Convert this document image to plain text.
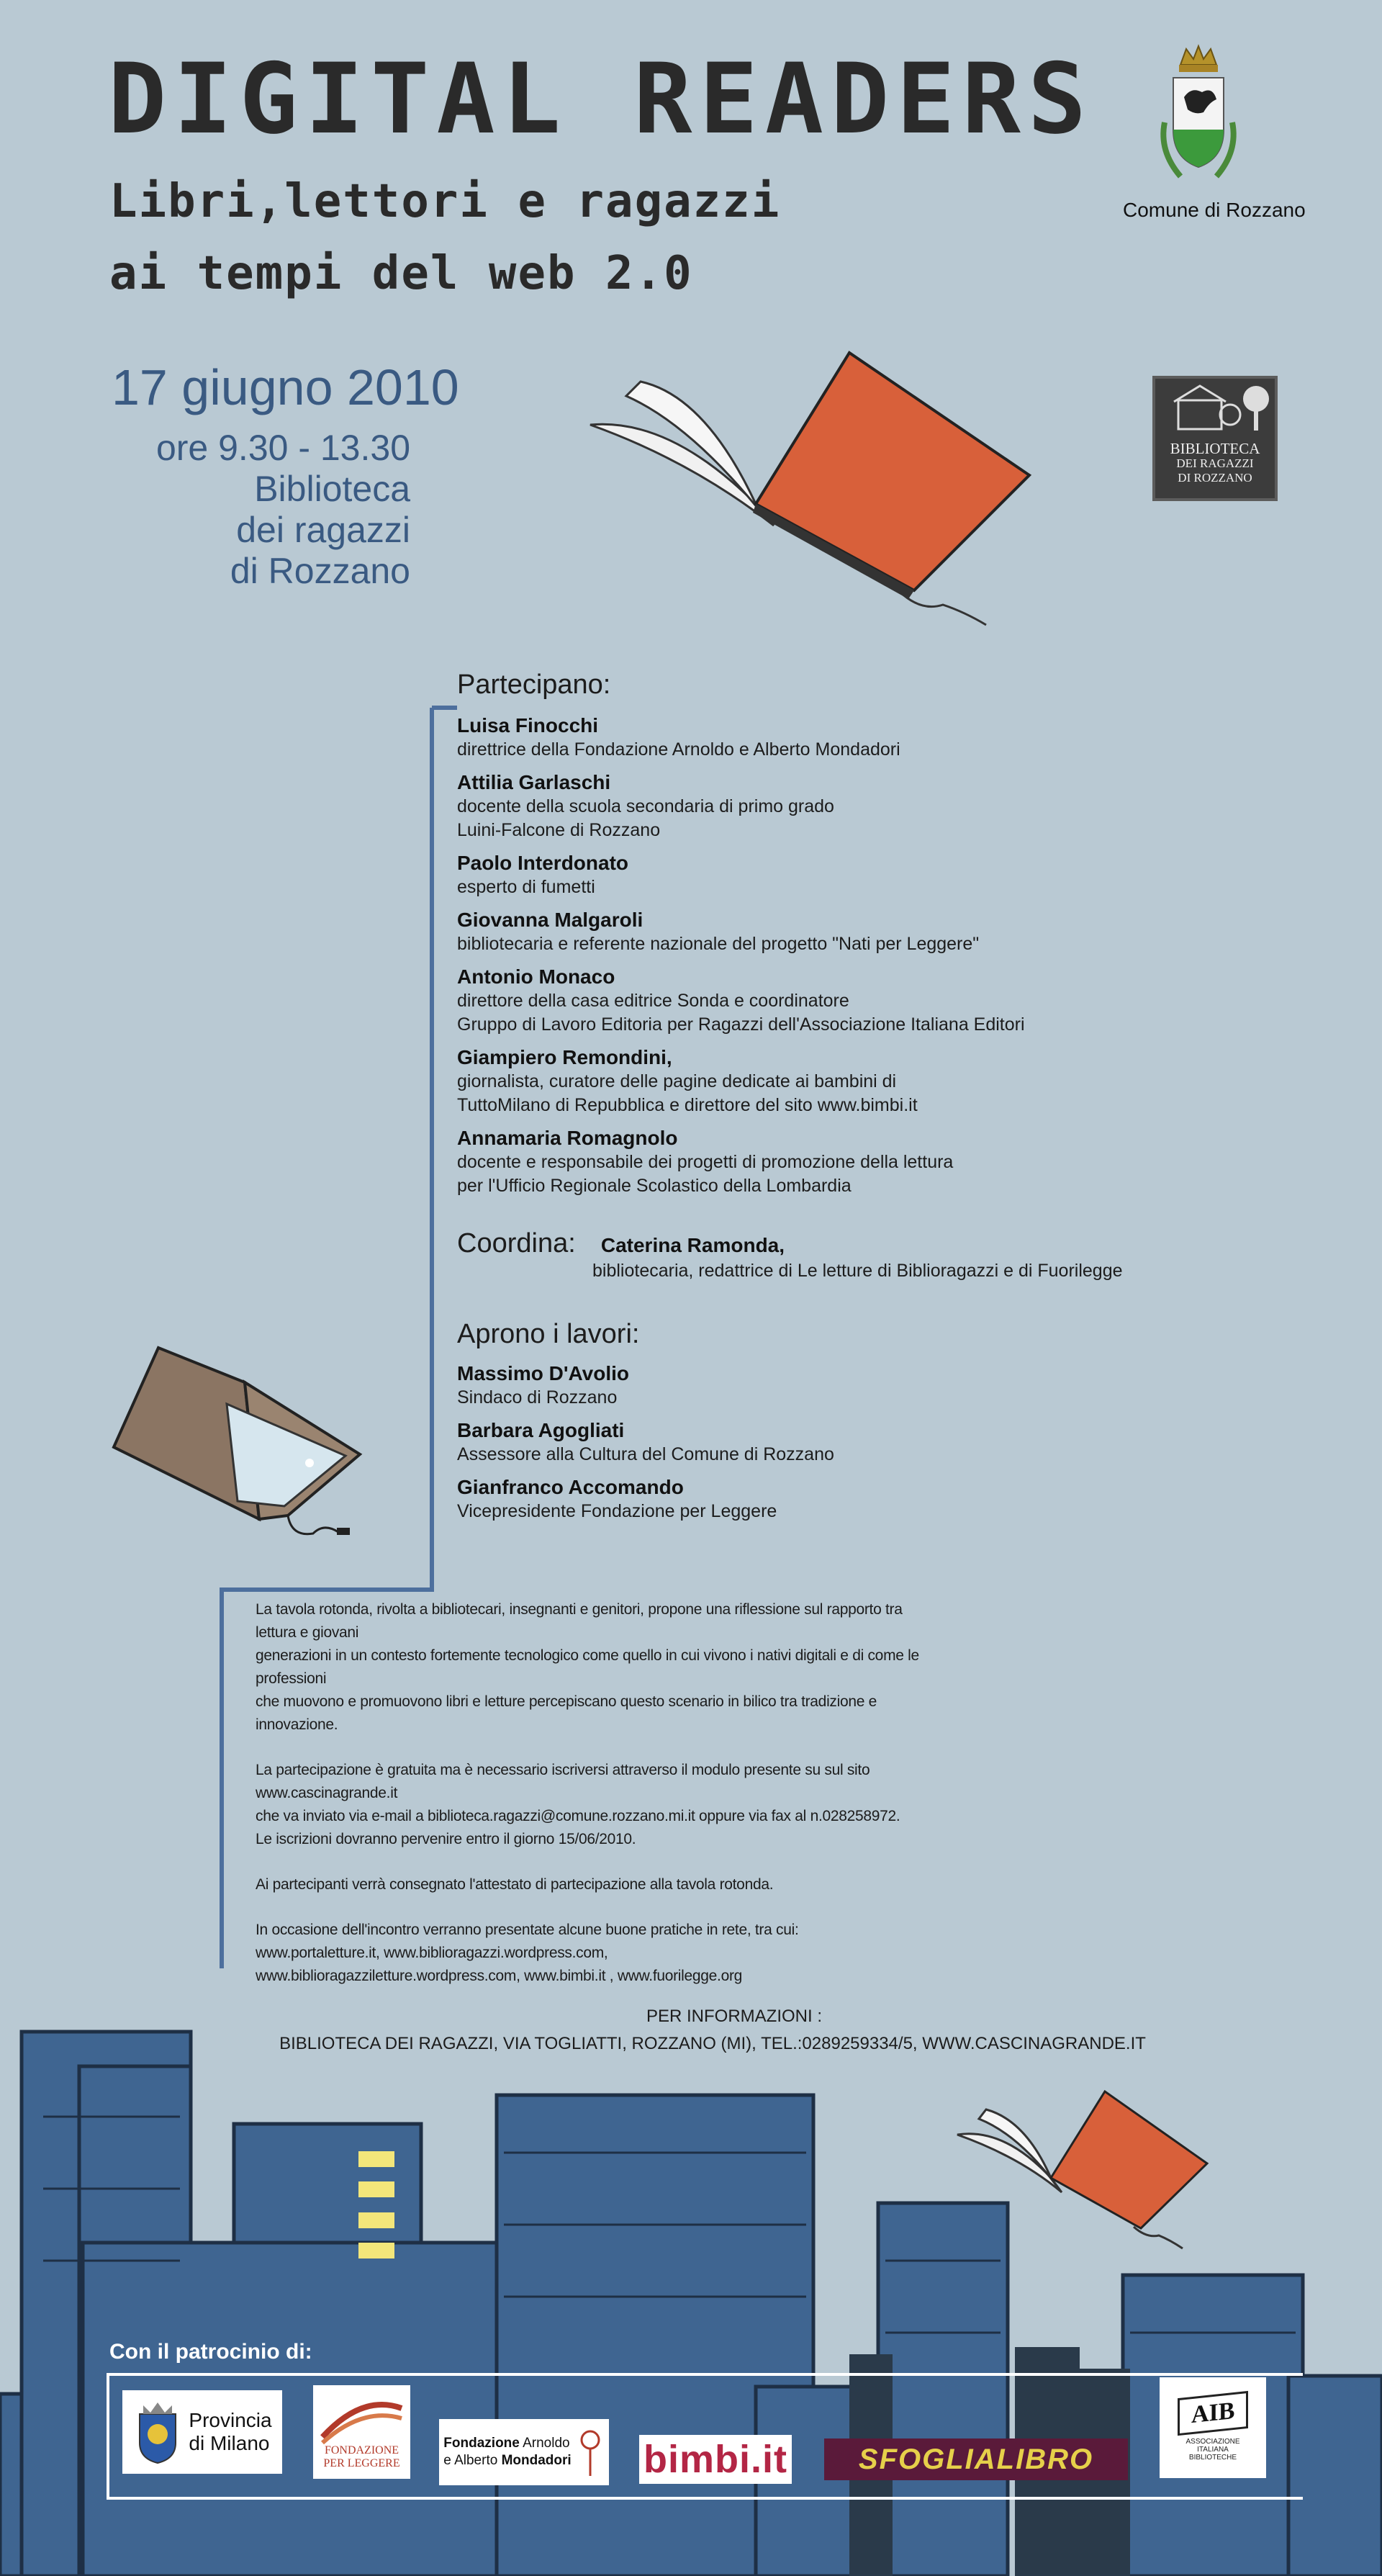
DIGITAL READERS
Libri,lettori e ragazzi
ai tempi del web 2.0
Comune di Rozzano
17 giugno 2010
ore 9.30 - 13.30
Biblioteca
dei ragazzi
di Rozzano
BIBLIOTECA
DEI RAGAZZI
DI ROZZANO
Partecipano:
Luisa Finocchi
direttrice della Fondazione Arnoldo e Alberto Mondadori
Attilia Garlaschi
docente della scuola secondaria di primo grado
Luini-Falcone di Rozzano
Paolo Interdonato
esperto di fumetti
Giovanna Malgaroli
bibliotecaria e referente nazionale del progetto "Nati per Leggere"
Antonio Monaco
direttore della casa editrice Sonda e coordinatore
Gruppo di Lavoro Editoria per Ragazzi dell'Associazione Italiana Editori
Giampiero Remondini,
giornalista, curatore delle pagine dedicate ai bambini di
TuttoMilano di Repubblica e direttore del sito www.bimbi.it
Annamaria Romagnolo
docente e responsabile dei progetti di promozione della lettura
per l'Ufficio Regionale Scolastico della Lombardia
Coordina: Caterina Ramonda,
bibliotecaria, redattrice di Le letture di Biblioragazzi e di Fuorilegge
Aprono i lavori:
Massimo D'Avolio
Sindaco di Rozzano
Barbara Agogliati
Assessore alla Cultura del Comune di Rozzano
Gianfranco Accomando
Vicepresidente Fondazione per Leggere

La tavola rotonda, rivolta a bibliotecari, insegnanti e genitori, propone una riflessione sul rapporto tra lettura e giovani
generazioni in un contesto fortemente tecnologico come quello in cui vivono i nativi digitali e di come le professioni
che muovono e promuovono libri e letture percepiscano questo scenario in bilico tra tradizione e innovazione.

La partecipazione è gratuita ma è necessario iscriversi attraverso il modulo presente su sul sito www.cascinagrande.it
che va inviato via e-mail a biblioteca.ragazzi@comune.rozzano.mi.it oppure via fax al n.028258972.
Le iscrizioni dovranno pervenire entro il giorno 15/06/2010.

Ai partecipanti verrà consegnato l'attestato di partecipazione alla tavola rotonda.

In occasione dell'incontro verranno presentate alcune buone pratiche in rete, tra cui:
www.portaletture.it, www.biblioragazzi.wordpress.com,
www.biblioragazziletture.wordpress.com, www.bimbi.it , www.fuorilegge.org

PER INFORMAZIONI :
BIBLIOTECA DEI RAGAZZI, VIA TOGLIATTI, ROZZANO (MI), TEL.:0289259334/5, WWW.CASCINAGRANDE.IT
Con il patrocinio di:
Provincia
di Milano	FONDAZIONE
PER LEGGERE
Fondazione Arnoldo
e Alberto Mondadori bimbi.it SFOGLIALIBRO
AIB
ASSOCIAZIONE
ITALIANA
BIBLIOTECHE
